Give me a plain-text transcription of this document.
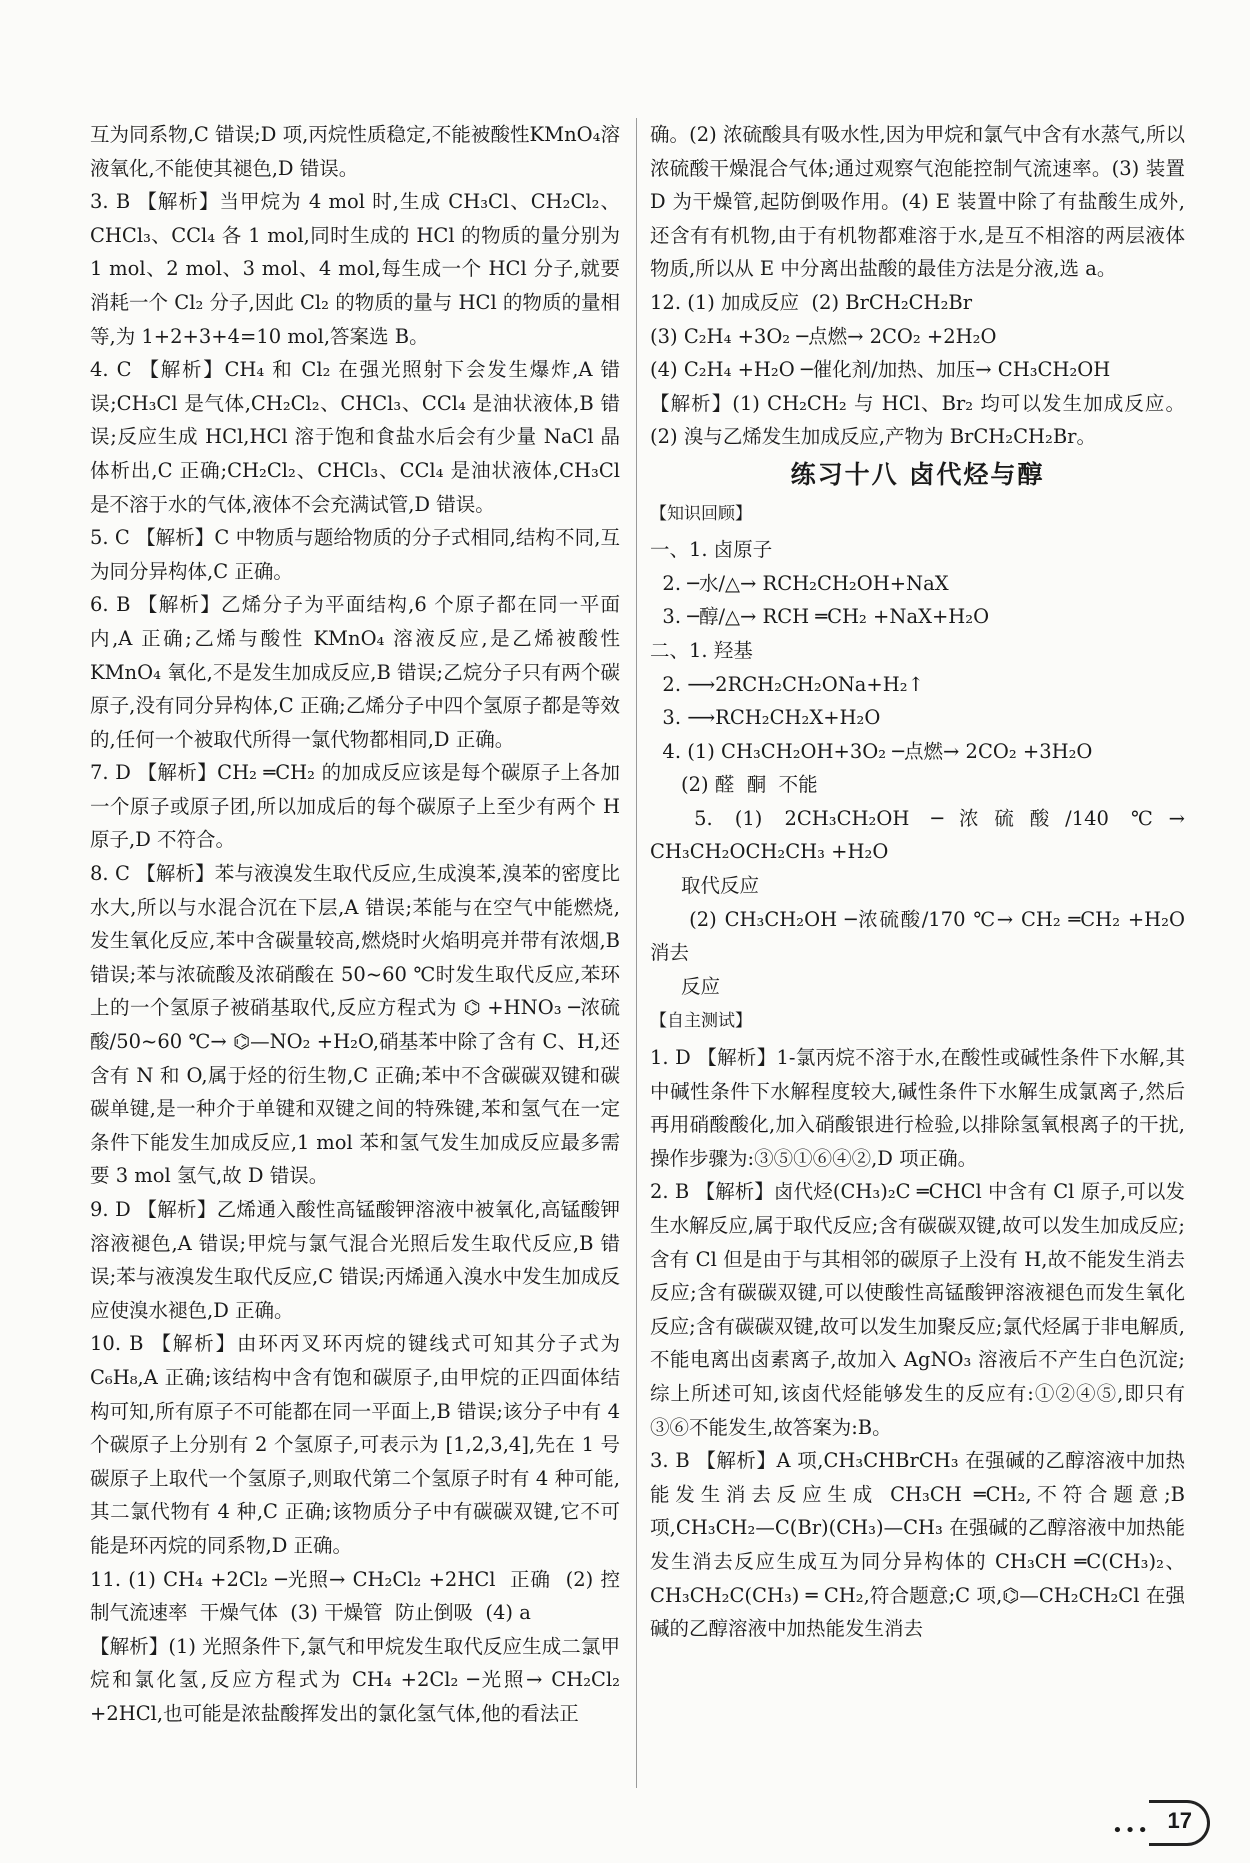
互为同系物,C 错误;D 项,丙烷性质稳定,不能被酸性KMnO₄溶液氧化,不能使其褪色,D 错误。

3. B 【解析】当甲烷为 4 mol 时,生成 CH₃Cl、CH₂Cl₂、CHCl₃、CCl₄ 各 1 mol,同时生成的 HCl 的物质的量分别为 1 mol、2 mol、3 mol、4 mol,每生成一个 HCl 分子,就要消耗一个 Cl₂ 分子,因此 Cl₂ 的物质的量与 HCl 的物质的量相等,为 1+2+3+4=10 mol,答案选 B。

4. C 【解析】CH₄ 和 Cl₂ 在强光照射下会发生爆炸,A 错误;CH₃Cl 是气体,CH₂Cl₂、CHCl₃、CCl₄ 是油状液体,B 错误;反应生成 HCl,HCl 溶于饱和食盐水后会有少量 NaCl 晶体析出,C 正确;CH₂Cl₂、CHCl₃、CCl₄ 是油状液体,CH₃Cl 是不溶于水的气体,液体不会充满试管,D 错误。

5. C 【解析】C 中物质与题给物质的分子式相同,结构不同,互为同分异构体,C 正确。

6. B 【解析】乙烯分子为平面结构,6 个原子都在同一平面内,A 正确;乙烯与酸性 KMnO₄ 溶液反应,是乙烯被酸性 KMnO₄ 氧化,不是发生加成反应,B 错误;乙烷分子只有两个碳原子,没有同分异构体,C 正确;乙烯分子中四个氢原子都是等效的,任何一个被取代所得一氯代物都相同,D 正确。

7. D 【解析】CH₂ ═CH₂ 的加成反应该是每个碳原子上各加一个原子或原子团,所以加成后的每个碳原子上至少有两个 H 原子,D 不符合。

8. C 【解析】苯与液溴发生取代反应,生成溴苯,溴苯的密度比水大,所以与水混合沉在下层,A 错误;苯能与在空气中能燃烧,发生氧化反应,苯中含碳量较高,燃烧时火焰明亮并带有浓烟,B 错误;苯与浓硫酸及浓硝酸在 50~60 ℃时发生取代反应,苯环上的一个氢原子被硝基取代,反应方程式为 ⌬ +HNO₃ ─浓硫酸/50~60 ℃→ ⌬—NO₂ +H₂O,硝基苯中除了含有 C、H,还含有 N 和 O,属于烃的衍生物,C 正确;苯中不含碳碳双键和碳碳单键,是一种介于单键和双键之间的特殊键,苯和氢气在一定条件下能发生加成反应,1 mol 苯和氢气发生加成反应最多需要 3 mol 氢气,故 D 错误。

9. D 【解析】乙烯通入酸性高锰酸钾溶液中被氧化,高锰酸钾溶液褪色,A 错误;甲烷与氯气混合光照后发生取代反应,B 错误;苯与液溴发生取代反应,C 错误;丙烯通入溴水中发生加成反应使溴水褪色,D 正确。

10. B 【解析】由环丙叉环丙烷的键线式可知其分子式为 C₆H₈,A 正确;该结构中含有饱和碳原子,由甲烷的正四面体结构可知,所有原子不可能都在同一平面上,B 错误;该分子中有 4 个碳原子上分别有 2 个氢原子,可表示为 [1,2,3,4],先在 1 号碳原子上取代一个氢原子,则取代第二个氢原子时有 4 种可能,其二氯代物有 4 种,C 正确;该物质分子中有碳碳双键,它不可能是环丙烷的同系物,D 正确。

11. (1) CH₄ +2Cl₂ ─光照→ CH₂Cl₂ +2HCl  正确  (2) 控制气流速率  干燥气体  (3) 干燥管  防止倒吸  (4) a

【解析】(1) 光照条件下,氯气和甲烷发生取代反应生成二氯甲烷和氯化氢,反应方程式为 CH₄ +2Cl₂ ─光照→ CH₂Cl₂ +2HCl,也可能是浓盐酸挥发出的氯化氢气体,他的看法正

确。(2) 浓硫酸具有吸水性,因为甲烷和氯气中含有水蒸气,所以浓硫酸干燥混合气体;通过观察气泡能控制气流速率。(3) 装置 D 为干燥管,起防倒吸作用。(4) E 装置中除了有盐酸生成外,还含有有机物,由于有机物都难溶于水,是互不相溶的两层液体物质,所以从 E 中分离出盐酸的最佳方法是分液,选 a。

12. (1) 加成反应  (2) BrCH₂CH₂Br

(3) C₂H₄ +3O₂ ─点燃→ 2CO₂ +2H₂O

(4) C₂H₄ +H₂O ─催化剂/加热、加压→ CH₃CH₂OH

【解析】(1) CH₂CH₂ 与 HCl、Br₂ 均可以发生加成反应。(2) 溴与乙烯发生加成反应,产物为 BrCH₂CH₂Br。

练习十八 卤代烃与醇
【知识回顾】

一、1. 卤原子

2. ─水/△→ RCH₂CH₂OH+NaX

3. ─醇/△→ RCH ═CH₂ +NaX+H₂O

二、1. 羟基

2. ⟶2RCH₂CH₂ONa+H₂↑

3. ⟶RCH₂CH₂X+H₂O

4. (1) CH₃CH₂OH+3O₂ ─点燃→ 2CO₂ +3H₂O

(2) 醛  酮  不能

5. (1) 2CH₃CH₂OH ─浓硫酸/140 ℃→ CH₃CH₂OCH₂CH₃ +H₂O

取代反应

(2) CH₃CH₂OH ─浓硫酸/170 ℃→ CH₂ ═CH₂ +H₂O  消去

反应

【自主测试】

1. D 【解析】1-氯丙烷不溶于水,在酸性或碱性条件下水解,其中碱性条件下水解程度较大,碱性条件下水解生成氯离子,然后再用硝酸酸化,加入硝酸银进行检验,以排除氢氧根离子的干扰,操作步骤为:③⑤①⑥④②,D 项正确。

2. B 【解析】卤代烃(CH₃)₂C ═CHCl 中含有 Cl 原子,可以发生水解反应,属于取代反应;含有碳碳双键,故可以发生加成反应;含有 Cl 但是由于与其相邻的碳原子上没有 H,故不能发生消去反应;含有碳碳双键,可以使酸性高锰酸钾溶液褪色而发生氧化反应;含有碳碳双键,故可以发生加聚反应;氯代烃属于非电解质,不能电离出卤素离子,故加入 AgNO₃ 溶液后不产生白色沉淀;综上所述可知,该卤代烃能够发生的反应有:①②④⑤,即只有③⑥不能发生,故答案为:B。

3. B 【解析】A 项,CH₃CHBrCH₃ 在强碱的乙醇溶液中加热能发生消去反应生成 CH₃CH ═CH₂,不符合题意;B 项,CH₃CH₂—C(Br)(CH₃)—CH₃ 在强碱的乙醇溶液中加热能发生消去反应生成互为同分异构体的 CH₃CH ═C(CH₃)₂、CH₃CH₂C(CH₃) ═ CH₂,符合题意;C 项,⌬—CH₂CH₂Cl 在强碱的乙醇溶液中加热能发生消去

••• 17
